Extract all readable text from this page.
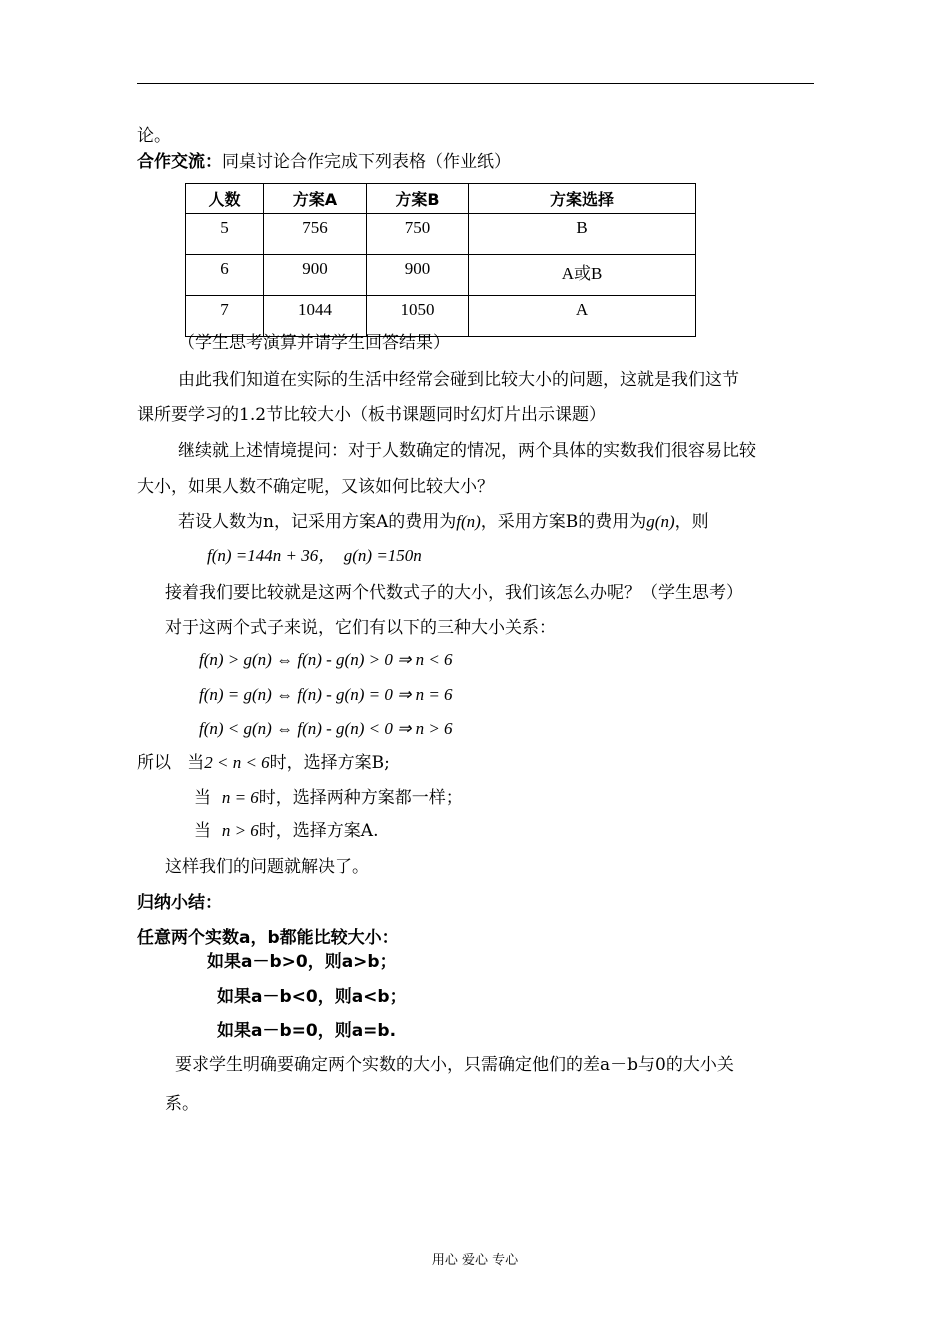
论。
合作交流：同桌讨论合作完成下列表格（作业纸）
人数	方案A	方案B	方案选择
5	756	750	B
6	900	900	A或B
7	1044	1050	A
（学生思考演算并请学生回答结果）
由此我们知道在实际的生活中经常会碰到比较大小的问题，这就是我们这节
课所要学习的1.2节比较大小（板书课题同时幻灯片出示课题）
继续就上述情境提问：对于人数确定的情况，两个具体的实数我们很容易比较
大小，如果人数不确定呢，又该如何比较大小？
若设人数为n，记采用方案A的费用为f(n)，采用方案B的费用为g(n)，则
f(n) =144n + 36， g(n) =150n
接着我们要比较就是这两个代数式子的大小，我们该怎么办呢？（学生思考）
对于这两个式子来说，它们有以下的三种大小关系：
f(n) > g(n) ⇔ f(n) - g(n) > 0 ⇒ n < 6
f(n) = g(n) ⇔ f(n) - g(n) = 0 ⇒ n = 6
f(n) < g(n) ⇔ f(n) - g(n) < 0 ⇒ n > 6
所以 当2 < n < 6时，选择方案B;
当 n = 6时，选择两种方案都一样；
当 n > 6时，选择方案A.
这样我们的问题就解决了。
归纳小结：
任意两个实数a，b都能比较大小：
如果a－b>0，则a>b；
如果a－b<0，则a<b；
如果a－b=0，则a=b.
要求学生明确要确定两个实数的大小，只需确定他们的差a－b与0的大小关
系。
用心 爱心 专心
